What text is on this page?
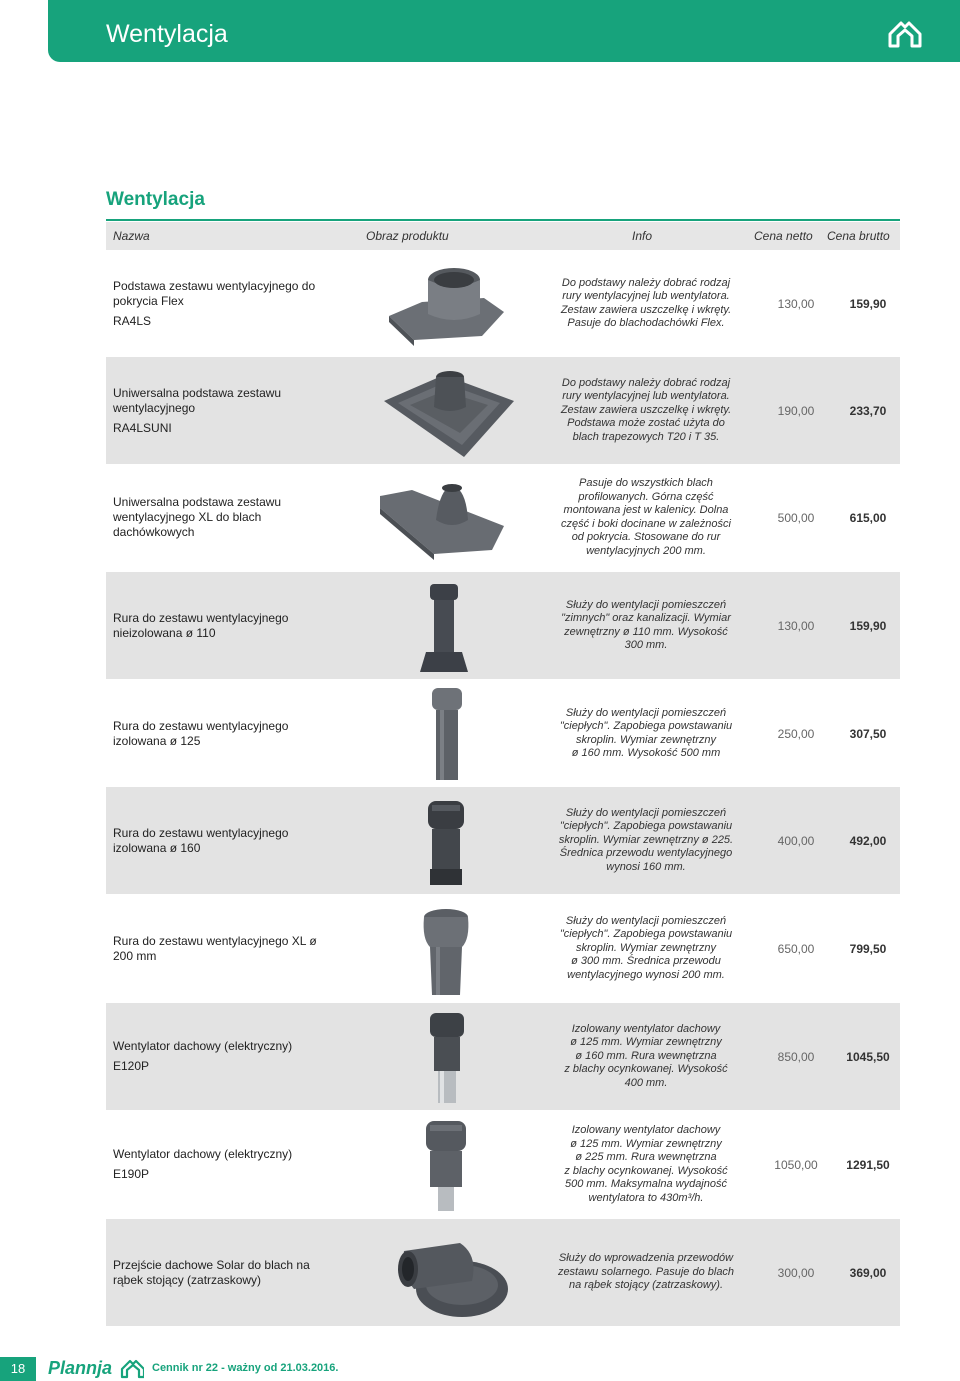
Wentylacja
Wentylacja
Nazwa	Obraz produktu	Info	Cena netto Cena brutto
Podstawa zestawu wentylacyjnego do pokrycia Flex
RA4LS
Do podstawy należy dobrać rodzaj
rury wentylacyjnej lub wentylatora.
Zestaw zawiera uszczelkę i wkręty.
Pasuje do blachodachówki Flex.
130,00	159,90
Uniwersalna podstawa zestawu wentylacyjnego
RA4LSUNI
Do podstawy należy dobrać rodzaj
rury wentylacyjnej lub wentylatora.
Zestaw zawiera uszczelkę i wkręty.
Podstawa może zostać użyta do
blach trapezowych T20 i T 35.
190,00	233,70
Uniwersalna podstawa zestawu wentylacyjnego XL do blach dachówkowych
Pasuje do wszystkich blach
profilowanych. Górna część
montowana jest w kalenicy. Dolna
część i boki docinane w zależności
od pokrycia. Stosowane do rur
wentylacyjnych 200 mm.
500,00	615,00
Rura do zestawu wentylacyjnego nieizolowana ø 110
Służy do wentylacji pomieszczeń
"zimnych" oraz kanalizacji. Wymiar
zewnętrzny ø 110 mm. Wysokość
300 mm.
130,00	159,90
Rura do zestawu wentylacyjnego izolowana ø 125
Służy do wentylacji pomieszczeń
"ciepłych". Zapobiega powstawaniu
skroplin. Wymiar zewnętrzny
ø 160 mm. Wysokość 500 mm
250,00	307,50
Rura do zestawu wentylacyjnego izolowana ø 160
Służy do wentylacji pomieszczeń
"ciepłych". Zapobiega powstawaniu
skroplin. Wymiar zewnętrzny ø 225.
Średnica przewodu wentylacyjnego
wynosi 160 mm.
400,00	492,00
Rura do zestawu wentylacyjnego XL ø 200 mm
Służy do wentylacji pomieszczeń
"ciepłych". Zapobiega powstawaniu
skroplin. Wymiar zewnętrzny
ø 300 mm. Średnica przewodu
wentylacyjnego wynosi 200 mm.
650,00	799,50
Wentylator dachowy (elektryczny)
E120P
Izolowany wentylator dachowy
ø 125 mm. Wymiar zewnętrzny
ø 160 mm. Rura wewnętrzna
z blachy ocynkowanej. Wysokość
400 mm.
850,00	1045,50
Wentylator dachowy (elektryczny)
E190P
Izolowany wentylator dachowy
ø 125 mm. Wymiar zewnętrzny
ø 225 mm. Rura wewnętrzna
z blachy ocynkowanej. Wysokość
500 mm. Maksymalna wydajność
wentylatora to 430m³/h.
1050,00	1291,50
Przejście dachowe Solar do blach na rąbek stojący (zatrzaskowy)
Służy do wprowadzenia przewodów
zestawu solarnego. Pasuje do blach
na rąbek stojący (zatrzaskowy).
300,00	369,00
18	Plannja	Cennik nr 22 - ważny od 21.03.2016.
